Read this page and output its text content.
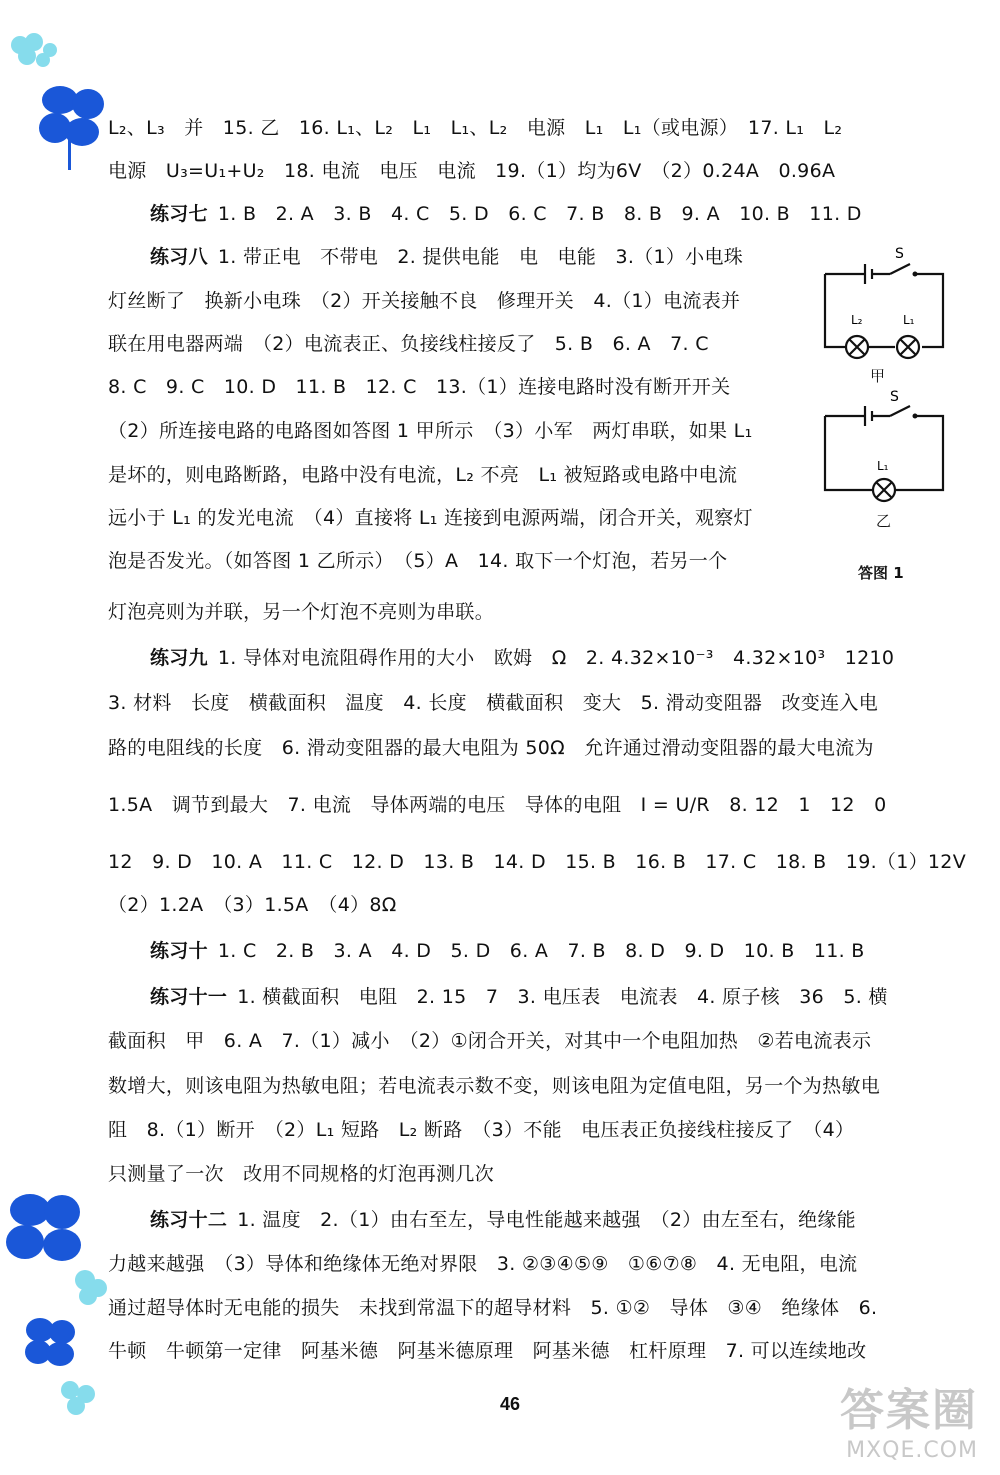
L₂、L₃　并　15. 乙　16. L₁、L₂　L₁　L₁、L₂　电源　L₁　L₁（或电源）　17. L₁　L₂
电源　U₃=U₁+U₂　18. 电流　电压　电流　19.（1）均为6V　（2）0.24A　0.96A
练习七 1. B　2. A　3. B　4. C　5. D　6. C　7. B　8. B　9. A　10. B　11. D
练习八 1. 带正电　不带电　2. 提供电能　电　电能　3.（1）小电珠
灯丝断了　换新小电珠　（2）开关接触不良　修理开关　4.（1）电流表并
联在用电器两端　（2）电流表正、负接线柱接反了　5. B　6. A　7. C
8. C　9. C　10. D　11. B　12. C　13.（1）连接电路时没有断开开关
（2）所连接电路的电路图如答图 1 甲所示　（3）小军　两灯串联，如果 L₁
是坏的，则电路断路，电路中没有电流，L₂ 不亮　L₁ 被短路或电路中电流
远小于 L₁ 的发光电流　（4）直接将 L₁ 连接到电源两端，闭合开关，观察灯
泡是否发光。（如答图 1 乙所示）　（5）A　14. 取下一个灯泡，若另一个
灯泡亮则为并联，另一个灯泡不亮则为串联。
练习九 1. 导体对电流阻碍作用的大小　欧姆　Ω　2. 4.32×10⁻³　4.32×10³　1210
3. 材料　长度　横截面积　温度　4. 长度　横截面积　变大　5. 滑动变阻器　改变连入电
路的电阻线的长度　6. 滑动变阻器的最大电阻为 50Ω　允许通过滑动变阻器的最大电流为
1.5A　调节到最大　7. 电流　导体两端的电压　导体的电阻　I = U/R　8. 12　1　12　0
12　9. D　10. A　11. C　12. D　13. B　14. D　15. B　16. B　17. C　18. B　19.（1）12V
（2）1.2A　（3）1.5A　（4）8Ω
练习十 1. C　2. B　3. A　4. D　5. D　6. A　7. B　8. D　9. D　10. B　11. B
练习十一 1. 横截面积　电阻　2. 15　7　3. 电压表　电流表　4. 原子核　36　5. 横
截面积　甲　6. A　7.（1）减小　（2）①闭合开关，对其中一个电阻加热　②若电流表示
数增大，则该电阻为热敏电阻；若电流表示数不变，则该电阻为定值电阻，另一个为热敏电
阻　8.（1）断开　（2）L₁ 短路　L₂ 断路　（3）不能　电压表正负接线柱接反了　（4）
只测量了一次　改用不同规格的灯泡再测几次
练习十二 1. 温度　2.（1）由右至左，导电性能越来越强　（2）由左至右，绝缘能
力越来越强　（3）导体和绝缘体无绝对界限　3. ②③④⑤⑨　①⑥⑦⑧　4. 无电阻，电流
通过超导体时无电能的损失　未找到常温下的超导材料　5. ①②　导体　③④　绝缘体　6.
牛顿　牛顿第一定律　阿基米德　阿基米德原理　阿基米德　杠杆原理　7. 可以连续地改
S
L₂	L₁
甲
S
L₁
乙
答图 1
46	答案圈
MXQE.COM
